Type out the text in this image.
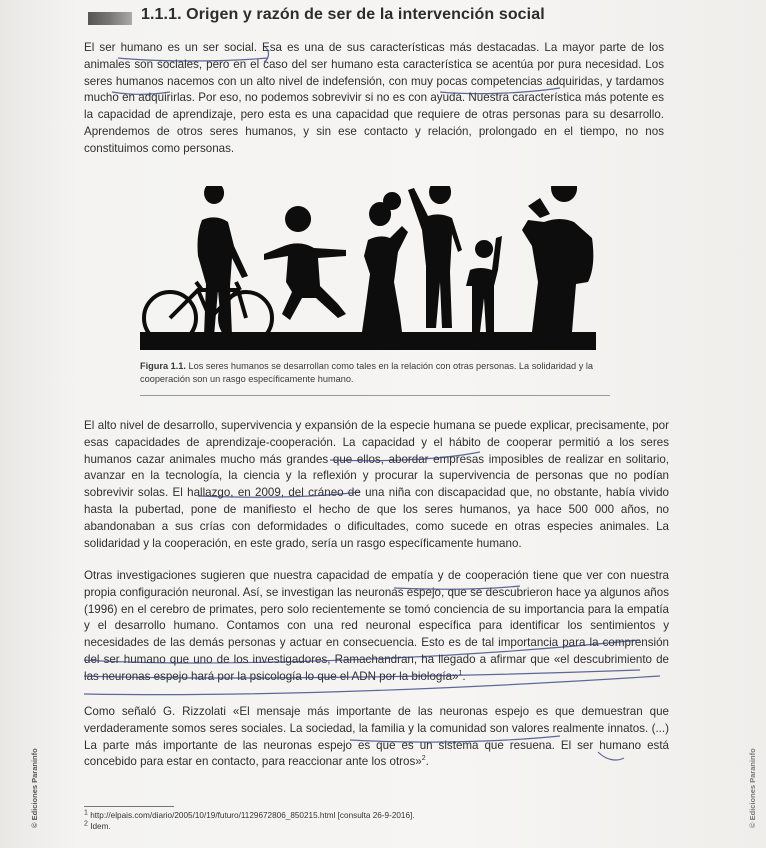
1.1.1. Origen y razón de ser de la intervención social

El ser humano es un ser social. Esa es una de sus características más destacadas. La mayor parte de los animales son sociales, pero en el caso del ser humano esta característica se acentúa por pura necesidad. Los seres humanos nacemos con un alto nivel de indefensión, con muy pocas competencias adquiridas, y tardamos mucho en adquirirlas. Por eso, no podemos sobrevivir si no es con ayuda. Nuestra característica más potente es la capacidad de aprendizaje, pero esta es una capacidad que requiere de otras personas para su desarrollo. Aprendemos de otros seres humanos, y sin ese contacto y relación, prolongado en el tiempo, no nos constituimos como personas.

Figura 1.1. Los seres humanos se desarrollan como tales en la relación con otras personas. La solidaridad y la cooperación son un rasgo específicamente humano.

El alto nivel de desarrollo, supervivencia y expansión de la especie humana se puede explicar, precisamente, por esas capacidades de aprendizaje-cooperación. La capacidad y el hábito de cooperar permitió a los seres humanos cazar animales mucho más grandes que ellos, abordar empresas imposibles de realizar en solitario, avanzar en la tecnología, la ciencia y la reflexión y procurar la supervivencia de personas que no podían sobrevivir solas. El hallazgo, en 2009, del cráneo de una niña con discapacidad que, no obstante, había vivido hasta la pubertad, pone de manifiesto el hecho de que los seres humanos, ya hace 500 000 años, no abandonaban a sus crías con deformidades o dificultades, como sucede en otras especies animales. La solidaridad y la cooperación, en este grado, sería un rasgo específicamente humano.

Otras investigaciones sugieren que nuestra capacidad de empatía y de cooperación tiene que ver con nuestra propia configuración neuronal. Así, se investigan las neuronas espejo, que se descubrieron hace ya algunos años (1996) en el cerebro de primates, pero solo recientemente se tomó conciencia de su importancia para la empatía y el desarrollo humano. Contamos con una red neuronal específica para identificar los sentimientos y necesidades de las demás personas y actuar en consecuencia. Esto es de tal importancia para la comprensión del ser humano que uno de los investigadores, Ramachandran, ha llegado a afirmar que «el descubrimiento de las neuronas espejo hará por la psicología lo que el ADN por la biología»$^1$.

Como señaló G. Rizzolati «El mensaje más importante de las neuronas espejo es que demuestran que verdaderamente somos seres sociales. La sociedad, la familia y la comunidad son valores realmente innatos. (...) La parte más importante de las neuronas espejo es que es un sistema que resuena. El ser humano está concebido para estar en contacto, para reaccionar ante los otros»$^2$.

$^1$ http://elpais.com/diario/2005/10/19/futuro/1129672806_850215.html [consulta 26-9-2016].

$^2$ Idem.

© Ediciones Paraninfo	© Ediciones Paraninfo
